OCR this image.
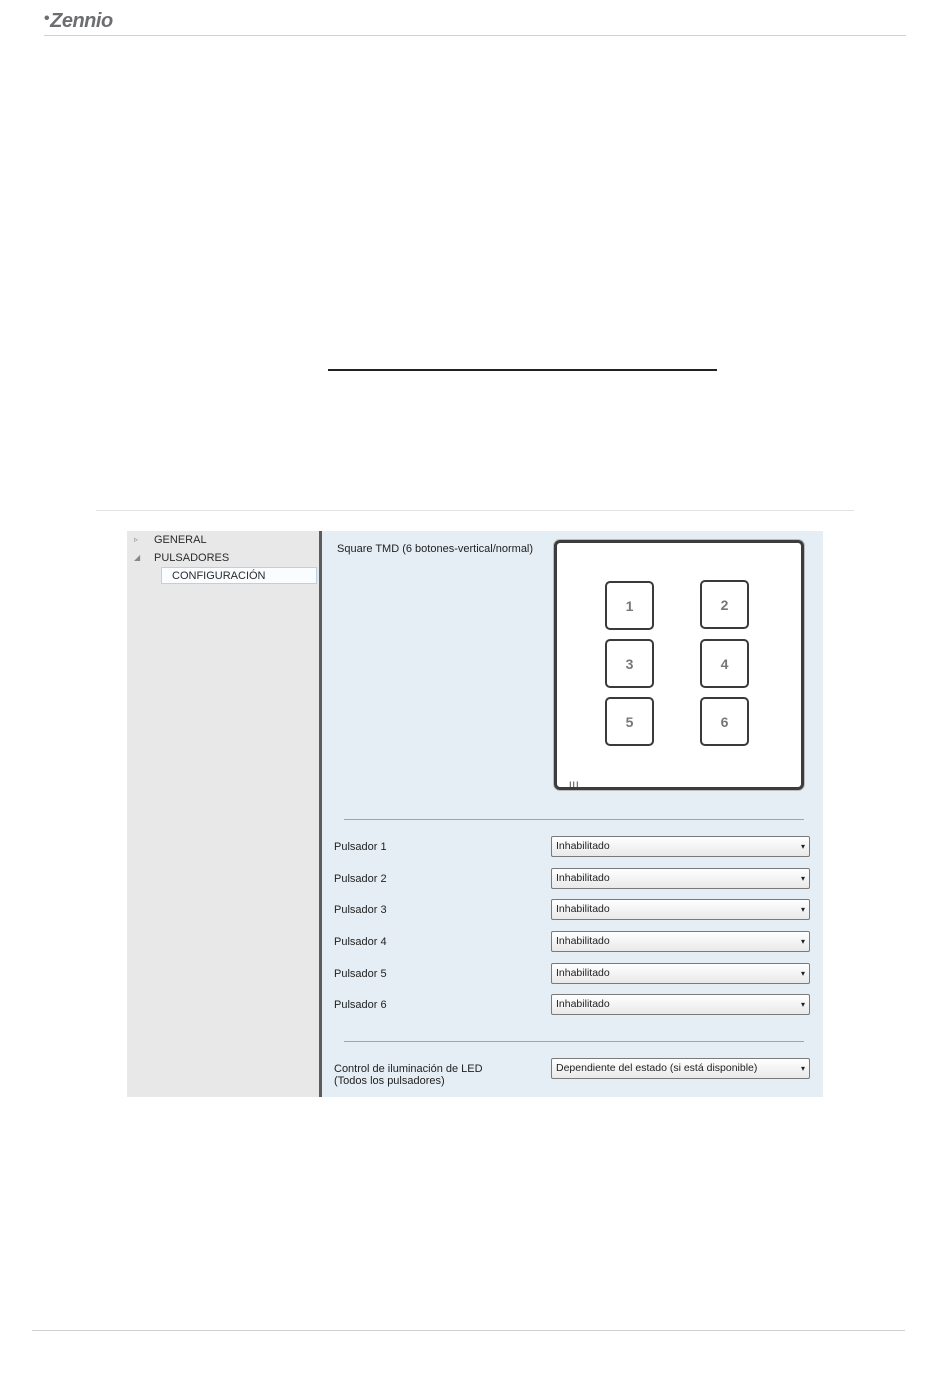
•Zennio
▹	GENERAL
◢ PULSADORES
CONFIGURACIÓN
Square TMD (6 botones-vertical/normal)
1	2
3	4
5	6
III
Pulsador 1	Inhabilitado	▾
Pulsador 2	Inhabilitado	▾
Pulsador 3	Inhabilitado	▾
Pulsador 4	Inhabilitado	▾
Pulsador 5	Inhabilitado	▾
Pulsador 6	Inhabilitado	▾
Control de iluminación de LED
(Todos los pulsadores)
Dependiente del estado (si está disponible)	▾
